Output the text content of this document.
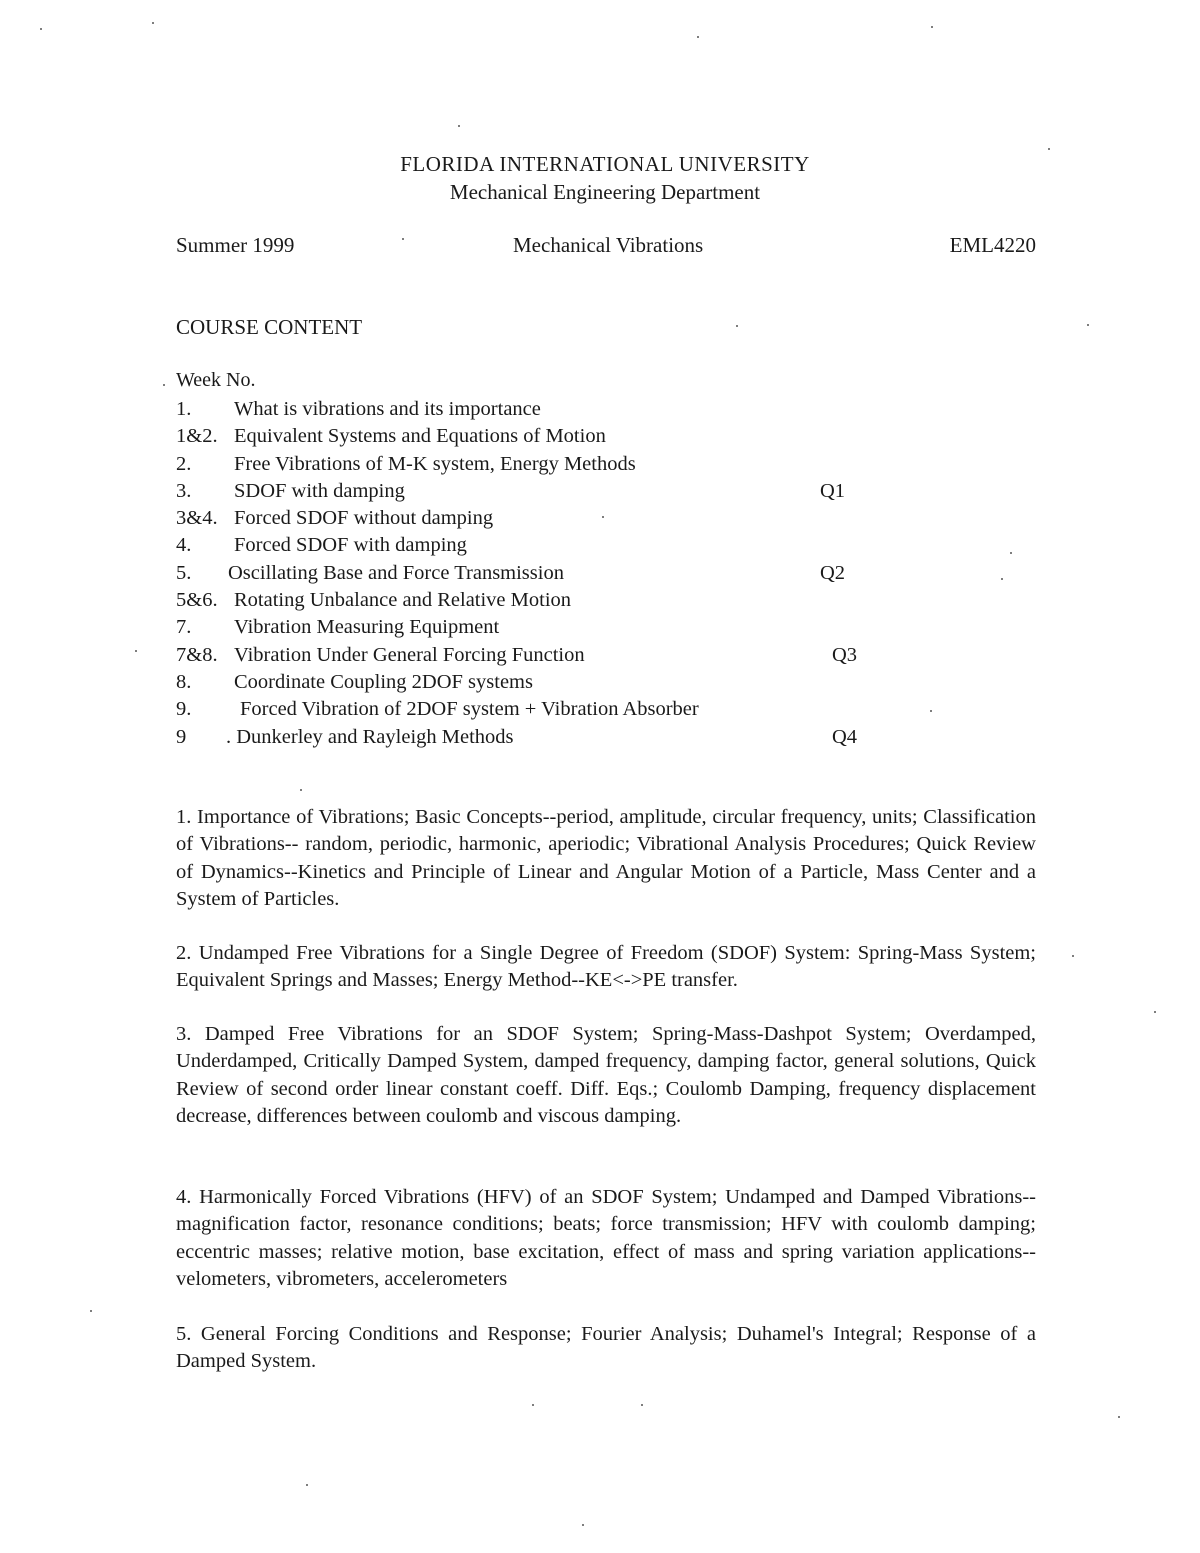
FLORIDA INTERNATIONAL UNIVERSITY
Mechanical Engineering Department
Summer 1999	Mechanical Vibrations	EML4220
COURSE CONTENT
Week No.
1. What is vibrations and its importance
1&2. Equivalent Systems and Equations of Motion
2. Free Vibrations of M-K system, Energy Methods
3. SDOF with damping	Q1
3&4. Forced SDOF without damping
4. Forced SDOF with damping
5. Oscillating Base and Force Transmission	Q2
5&6. Rotating Unbalance and Relative Motion
7. Vibration Measuring Equipment
7&8. Vibration Under General Forcing Function	Q3
8. Coordinate Coupling 2DOF systems
9. Forced Vibration of 2DOF system + Vibration Absorber
9 . Dunkerley and Rayleigh Methods	Q4

1. Importance of Vibrations; Basic Concepts--period, amplitude, circular frequency, units; Classification of Vibrations-- random, periodic, harmonic, aperiodic; Vibrational Analysis Procedures; Quick Review of Dynamics--Kinetics and Principle of Linear and Angular Motion of a Particle, Mass Center and a System of Particles.

2. Undamped Free Vibrations for a Single Degree of Freedom (SDOF) System: Spring-Mass System; Equivalent Springs and Masses; Energy Method--KE<->PE transfer.

3. Damped Free Vibrations for an SDOF System; Spring-Mass-Dashpot System; Overdamped, Underdamped, Critically Damped System, damped frequency, damping factor, general solutions, Quick Review of second order linear constant coeff. Diff. Eqs.; Coulomb Damping, frequency displacement decrease, differences between coulomb and viscous damping.

4. Harmonically Forced Vibrations (HFV) of an SDOF System; Undamped and Damped Vibrations--magnification factor, resonance conditions; beats; force transmission; HFV with coulomb damping; eccentric masses; relative motion, base excitation, effect of mass and spring variation applications--velometers, vibrometers, accelerometers

5. General Forcing Conditions and Response; Fourier Analysis; Duhamel's Integral; Response of a Damped System.
